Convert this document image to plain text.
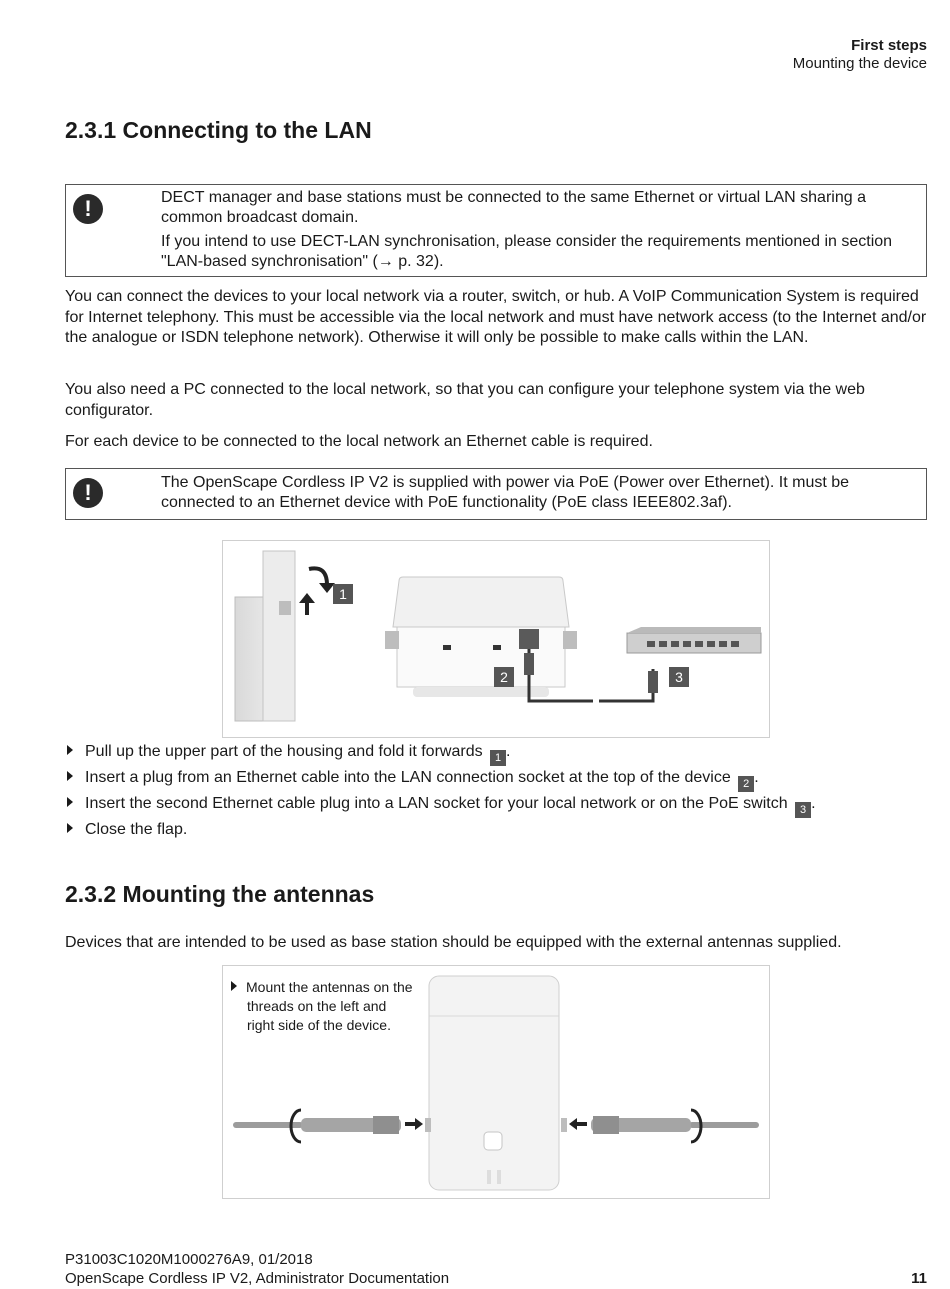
First steps
Mounting the device
2.3.1 Connecting to the LAN
!	DECT manager and base stations must be connected to the same Ethernet or virtual LAN sharing a common broadcast domain.

If you intend to use DECT-LAN synchronisation, please consider the requirements mentioned in section "LAN-based synchronisation" (→ p. 32).

You can connect the devices to your local network via a router, switch, or hub. A VoIP Communication System is required for Internet telephony. This must be accessible via the local network and must have network access (to the Internet and/or the analogue or ISDN telephone network). Otherwise it will only be possible to make calls within the LAN.

You also need a PC connected to the local network, so that you can configure your telephone system via the web configurator.

For each device to be connected to the local network an Ethernet cable is required.

!	The OpenScape Cordless IP V2 is supplied with power via PoE (Power over Ethernet). It must be connected to an Ethernet device with PoE functionality (PoE class IEEE802.3af).

1
2	3
Pull up the upper part of the housing and fold it forwards 1 .
Insert a plug from an Ethernet cable into the LAN connection socket at the top of the device 2 .
Insert the second Ethernet cable plug into a LAN socket for your local network or on the PoE switch 3 .
Close the flap.
2.3.2 Mounting the antennas

Devices that are intended to be used as base station should be equipped with the external antennas supplied.

Mount the antennas on the
threads on the left and
right side of the device.
P31003C1020M1000276A9, 01/2018
OpenScape Cordless IP V2, Administrator Documentation	11
